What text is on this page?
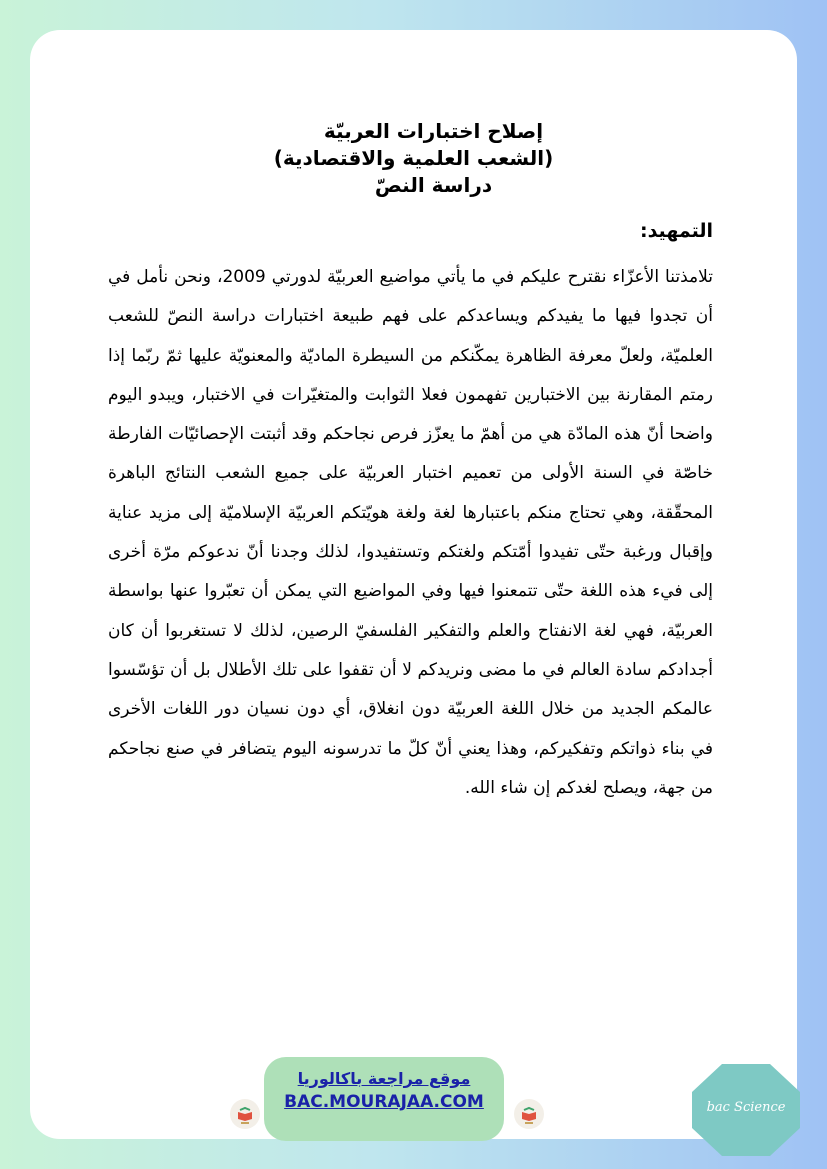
إصلاح اختبارات العربيّة

(الشعب العلمية والاقتصادية)

دراسة النصّ

التمهيد:

تلامذتنا الأعزّاء نقترح عليكم في ما يأتي مواضيع العربيّة لدورتي 2009، ونحن نأمل في أن تجدوا فيها ما يفيدكم ويساعدكم على فهم طبيعة اختبارات دراسة النصّ للشعب العلميّة، ولعلّ معرفة الظاهرة يمكّنكم من السيطرة الماديّة والمعنويّة عليها ثمّ ربّما إذا رمتم المقارنة بين الاختبارين تفهمون فعلا الثوابت والمتغيّرات في الاختبار، ويبدو اليوم واضحا أنّ هذه المادّة هي من أهمّ ما يعزّز فرص نجاحكم وقد أثبتت الإحصائيّات الفارطة خاصّة في السنة الأولى من تعميم اختبار العربيّة على جميع الشعب النتائج الباهرة المحقّقة، وهي تحتاج منكم باعتبارها لغة ولغة هويّتكم العربيّة الإسلاميّة إلى مزيد عناية وإقبال ورغبة حتّى تفيدوا أمّتكم ولغتكم وتستفيدوا، لذلك وجدنا أنّ ندعوكم مرّة أخرى إلى فيء هذه اللغة حتّى تتمعنوا فيها وفي المواضيع التي يمكن أن تعبّروا عنها بواسطة العربيّة، فهي لغة الانفتاح والعلم والتفكير الفلسفيّ الرصين، لذلك لا تستغربوا أن كان أجدادكم سادة العالم في ما مضى ونريدكم لا أن تقفوا على تلك الأطلال بل أن تؤسّسوا عالمكم الجديد من خلال اللغة العربيّة دون انغلاق، أي دون نسيان دور اللغات الأخرى في بناء ذواتكم وتفكيركم، وهذا يعني أنّ كلّ ما تدرسونه اليوم يتضافر في صنع نجاحكم من جهة، ويصلح لغدكم إن شاء الله.

موقع مراجعة باكالوريا
BAC.MOURAJAA.COM	bac Science
